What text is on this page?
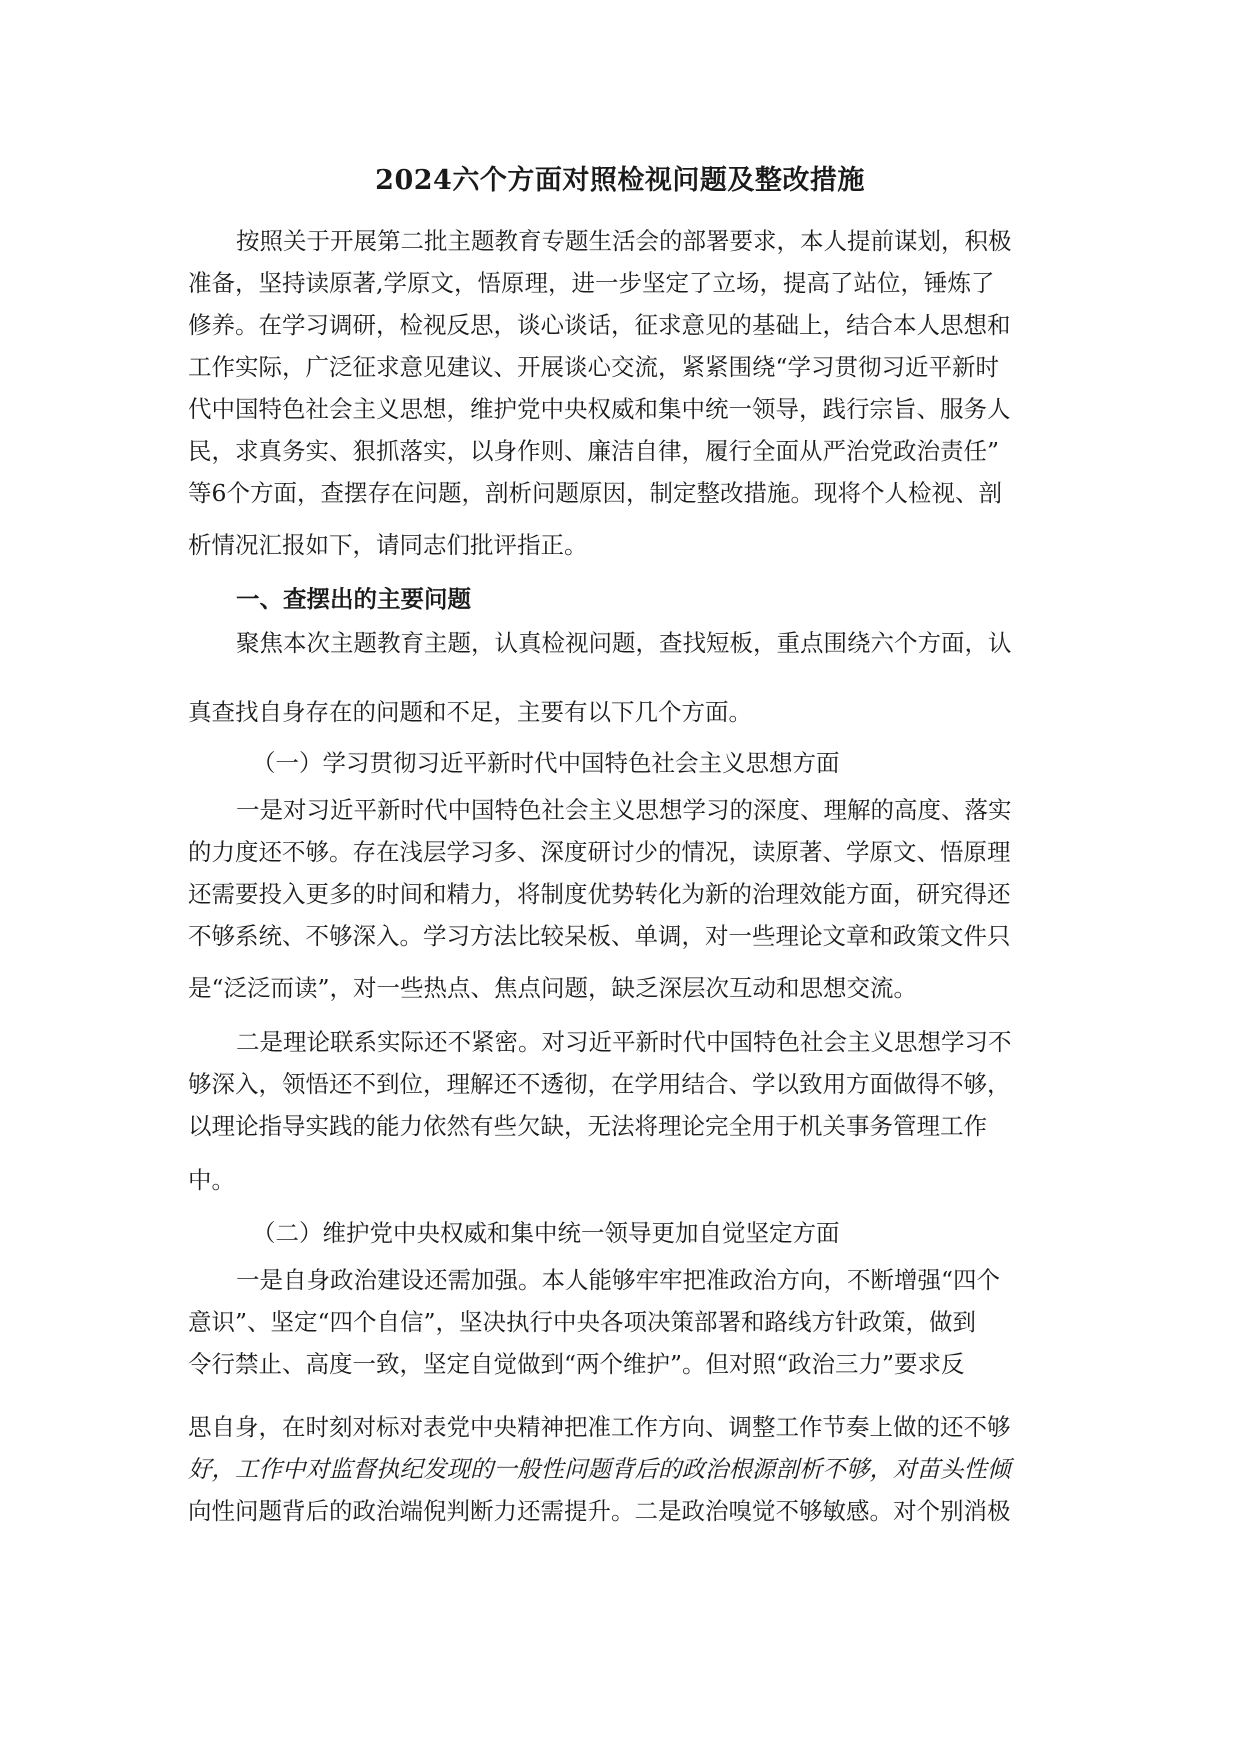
2024六个方面对照检视问题及整改措施
按照关于开展第二批主题教育专题生活会的部署要求，本人提前谋划，积极
准备，坚持读原著,学原文，悟原理，进一步坚定了立场，提高了站位，锤炼了
修养。在学习调研，检视反思，谈心谈话，征求意见的基础上，结合本人思想和
工作实际，广泛征求意见建议、开展谈心交流，紧紧围绕“学习贯彻习近平新时
代中国特色社会主义思想，维护党中央权威和集中统一领导，践行宗旨、服务人
民，求真务实、狠抓落实，以身作则、廉洁自律，履行全面从严治党政治责任”
等6个方面，查摆存在问题，剖析问题原因，制定整改措施。现将个人检视、剖
析情况汇报如下，请同志们批评指正。
一、查摆出的主要问题
聚焦本次主题教育主题，认真检视问题，查找短板，重点围绕六个方面，认
真查找自身存在的问题和不足，主要有以下几个方面。
（一）学习贯彻习近平新时代中国特色社会主义思想方面
一是对习近平新时代中国特色社会主义思想学习的深度、理解的高度、落实
的力度还不够。存在浅层学习多、深度研讨少的情况，读原著、学原文、悟原理
还需要投入更多的时间和精力，将制度优势转化为新的治理效能方面，研究得还
不够系统、不够深入。学习方法比较呆板、单调，对一些理论文章和政策文件只
是“泛泛而读”，对一些热点、焦点问题，缺乏深层次互动和思想交流。
二是理论联系实际还不紧密。对习近平新时代中国特色社会主义思想学习不
够深入，领悟还不到位，理解还不透彻，在学用结合、学以致用方面做得不够，
以理论指导实践的能力依然有些欠缺，无法将理论完全用于机关事务管理工作
中。
（二）维护党中央权威和集中统一领导更加自觉坚定方面
一是自身政治建设还需加强。本人能够牢牢把准政治方向，不断增强“四个
意识”、坚定“四个自信”，坚决执行中央各项决策部署和路线方针政策，做到
令行禁止、高度一致，坚定自觉做到“两个维护”。但对照“政治三力”要求反
思自身，在时刻对标对表党中央精神把准工作方向、调整工作节奏上做的还不够
好，工作中对监督执纪发现的一般性问题背后的政治根源剖析不够，对苗头性倾
向性问题背后的政治端倪判断力还需提升。二是政治嗅觉不够敏感。对个别消极
